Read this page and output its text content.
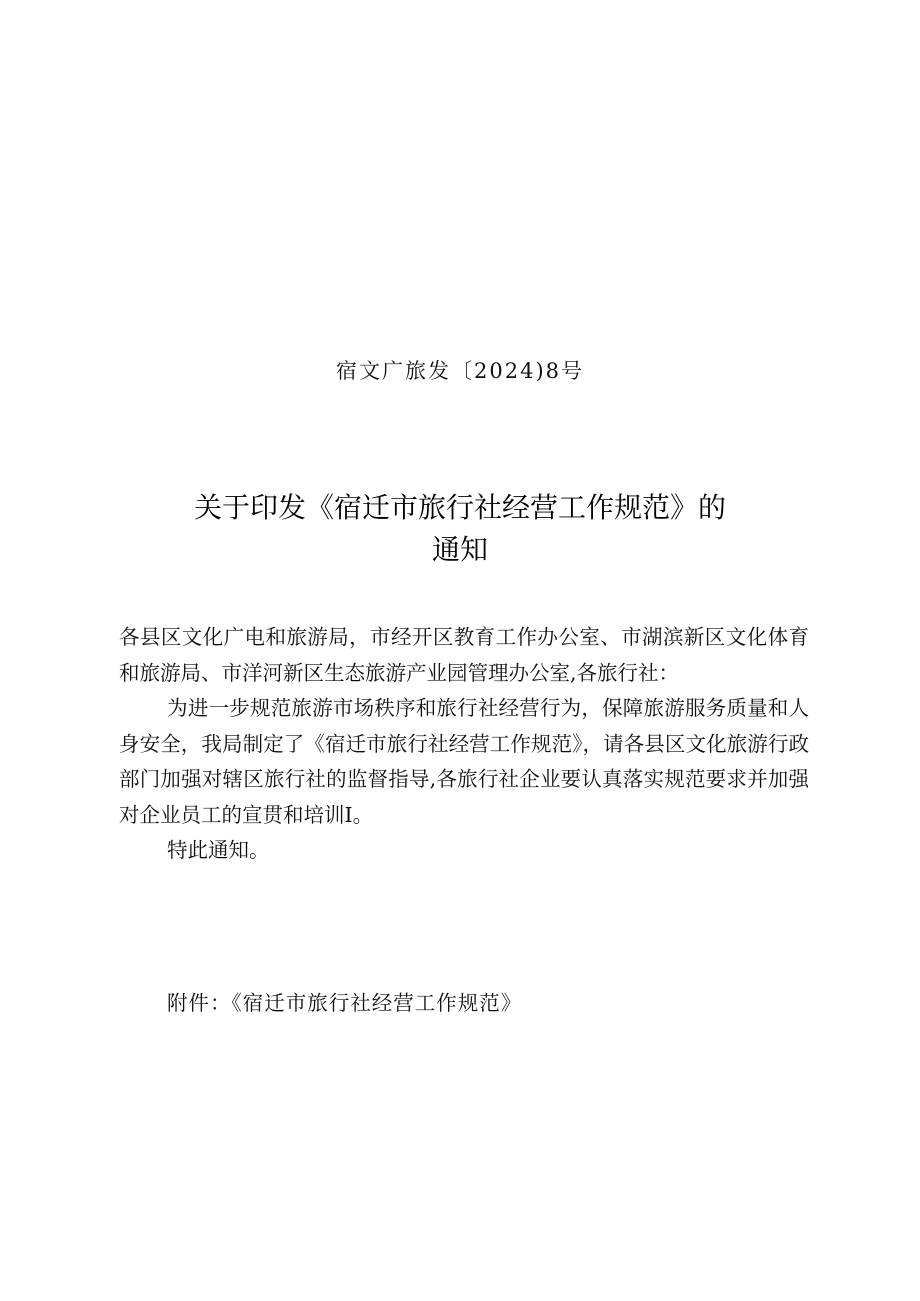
宿文广旅发〔2024)8号
关于印发《宿迁市旅行社经营工作规范》的
通知

各县区文化广电和旅游局，市经开区教育工作办公室、市湖滨新区文化体育和旅游局、市洋河新区生态旅游产业园管理办公室,各旅行社：

为进一步规范旅游市场秩序和旅行社经营行为，保障旅游服务质量和人身安全，我局制定了《宿迁市旅行社经营工作规范》，请各县区文化旅游行政部门加强对辖区旅行社的监督指导,各旅行社企业要认真落实规范要求并加强对企业员工的宣贯和培训I。

特此通知。

附件：《宿迁市旅行社经营工作规范》
